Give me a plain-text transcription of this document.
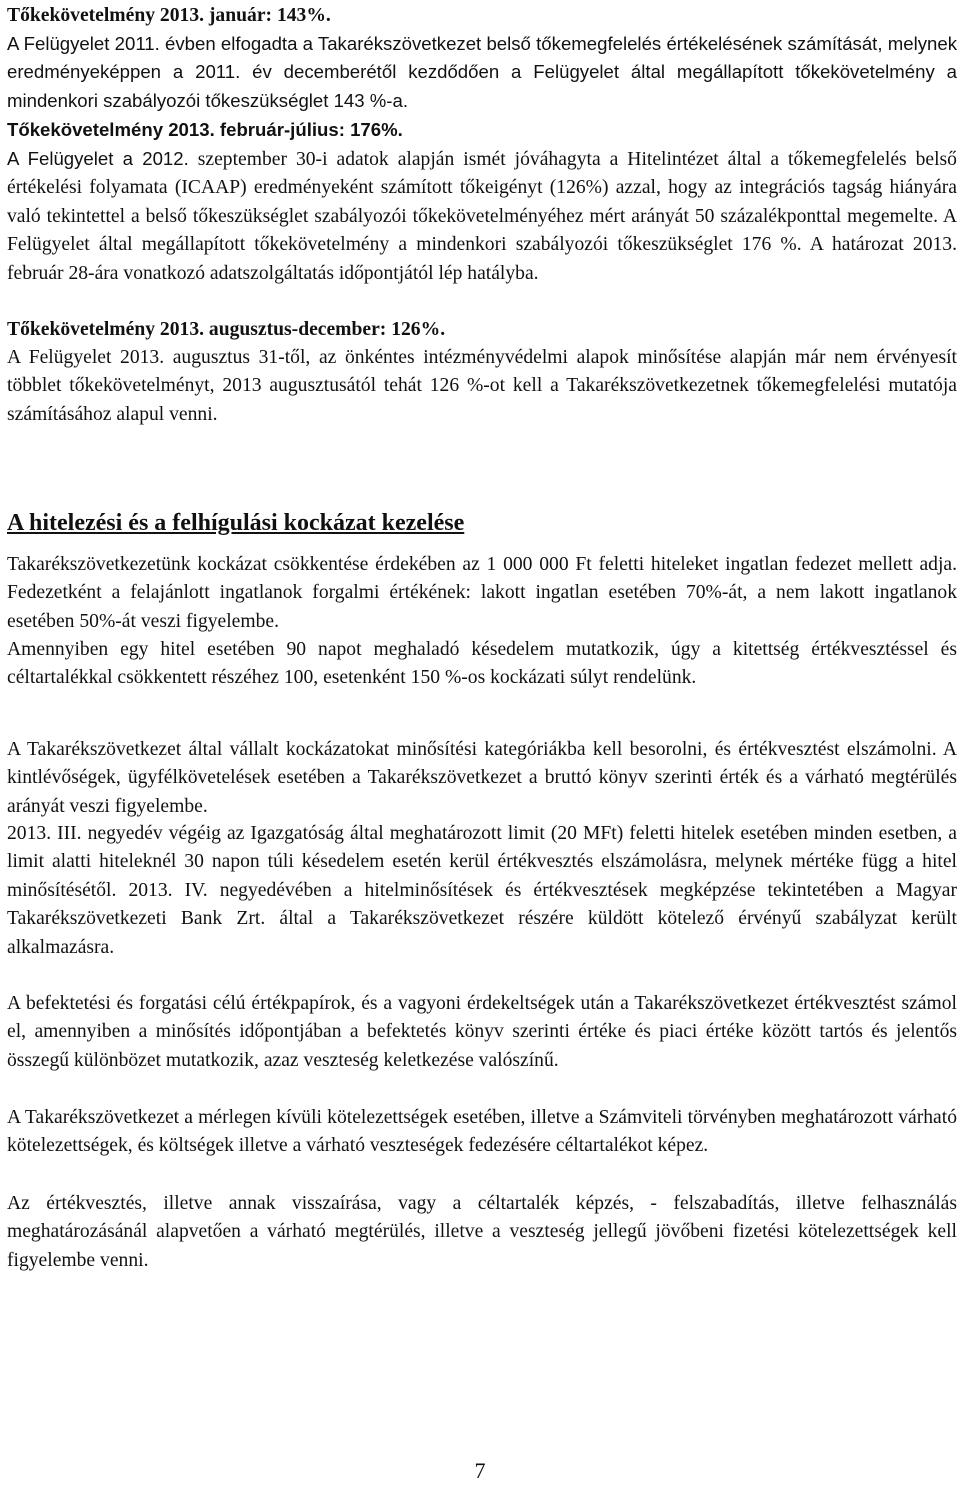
Tőkekövetelmény 2013. január: 143%.

A Felügyelet 2011. évben elfogadta a Takarékszövetkezet belső tőkemegfelelés értékelésének számítását, melynek eredményeképpen a 2011. év decemberétől kezdődően a Felügyelet által megállapított tőkekövetelmény a mindenkori szabályozói tőkeszükséglet 143 %-a.

Tőkekövetelmény 2013. február-július: 176%.

A Felügyelet a 2012. szeptember 30-i adatok alapján ismét jóváhagyta a Hitelintézet által a tőkemegfelelés belső értékelési folyamata (ICAAP) eredményeként számított tőkeigényt (126%) azzal, hogy az integrációs tagság hiányára való tekintettel a belső tőkeszükséglet szabályozói tőkekövetelményéhez mért arányát 50 százalékponttal megemelte. A Felügyelet által megállapított tőkekövetelmény a mindenkori szabályozói tőkeszükséglet 176 %. A határozat 2013. február 28-ára vonatkozó adatszolgáltatás időpontjától lép hatályba.

Tőkekövetelmény 2013. augusztus-december: 126%.

A Felügyelet 2013. augusztus 31-től, az önkéntes intézményvédelmi alapok minősítése alapján már nem érvényesít többlet tőkekövetelményt, 2013 augusztusától tehát 126 %-ot kell a Takarékszövetkezetnek tőkemegfelelési mutatója számításához alapul venni.

A hitelezési és a felhígulási kockázat kezelése

Takarékszövetkezetünk kockázat csökkentése érdekében az 1 000 000 Ft feletti hiteleket ingatlan fedezet mellett adja. Fedezetként a felajánlott ingatlanok forgalmi értékének: lakott ingatlan esetében 70%-át, a nem lakott ingatlanok esetében 50%-át veszi figyelembe.

Amennyiben egy hitel esetében 90 napot meghaladó késedelem mutatkozik, úgy a kitettség értékvesztéssel és céltartalékkal csökkentett részéhez 100, esetenként 150 %-os kockázati súlyt rendelünk.

A Takarékszövetkezet által vállalt kockázatokat minősítési kategóriákba kell besorolni, és értékvesztést elszámolni. A kintlévőségek, ügyfélkövetelések esetében a Takarékszövetkezet a bruttó könyv szerinti érték és a várható megtérülés arányát veszi figyelembe.

2013. III. negyedév végéig az Igazgatóság által meghatározott limit (20 MFt) feletti hitelek esetében minden esetben, a limit alatti hiteleknél 30 napon túli késedelem esetén kerül értékvesztés elszámolásra, melynek mértéke függ a hitel minősítésétől. 2013. IV. negyedévében a hitelminősítések és értékvesztések megképzése tekintetében a Magyar Takarékszövetkezeti Bank Zrt. által a Takarékszövetkezet részére küldött kötelező érvényű szabályzat került alkalmazásra.

A befektetési és forgatási célú értékpapírok, és a vagyoni érdekeltségek után a Takarékszövetkezet értékvesztést számol el, amennyiben a minősítés időpontjában a befektetés könyv szerinti értéke és piaci értéke között tartós és jelentős összegű különbözet mutatkozik, azaz veszteség keletkezése valószínű.

A Takarékszövetkezet a mérlegen kívüli kötelezettségek esetében, illetve a Számviteli törvényben meghatározott várható kötelezettségek, és költségek illetve a várható veszteségek fedezésére céltartalékot képez.

Az értékvesztés, illetve annak visszaírása, vagy a céltartalék képzés, - felszabadítás, illetve felhasználás meghatározásánál alapvetően a várható megtérülés, illetve a veszteség jellegű jövőbeni fizetési kötelezettségek kell figyelembe venni.

7
